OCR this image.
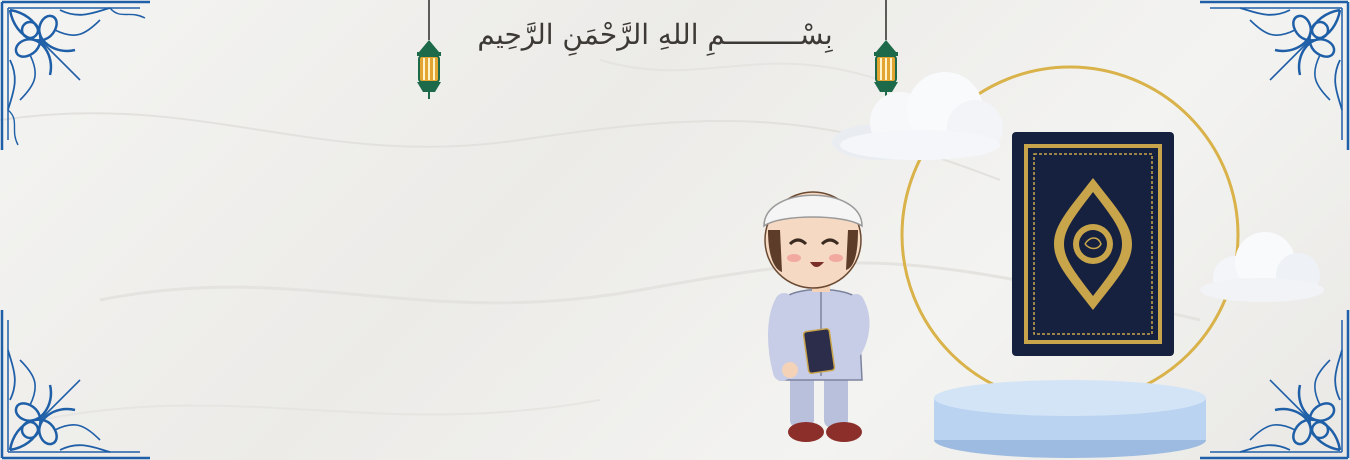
بِسْـــــــــمِ اللهِ الرَّحْمَنِ الرَّحِيم
